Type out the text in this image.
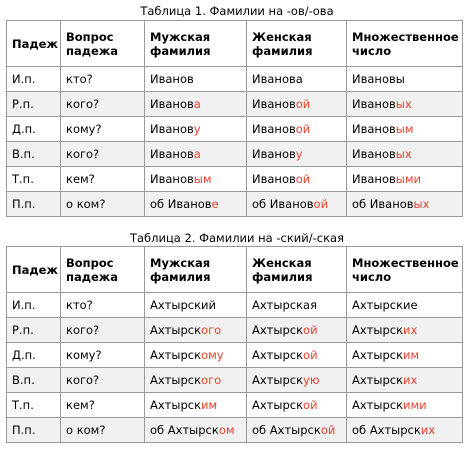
Таблица 1. Фамилии на -ов/-ова
Падеж	Вопрос падежа	Мужская фамилия	Женская фамилия	Множественное число
И.п.	кто?	Иванов	Иванова	Ивановы
Р.п.	кого?	Иванова	Ивановой	Ивановых
Д.п.	кому?	Иванову	Ивановой	Ивановым
В.п.	кого?	Иванова	Иванову	Ивановых
Т.п.	кем?	Ивановым	Ивановой	Ивановыми
П.п.	о ком?	об Иванове	об Ивановой	об Ивановых
Таблица 2. Фамилии на -ский/-ская
Падеж	Вопрос падежа	Мужская фамилия	Женская фамилия	Множественное число
И.п.	кто?	Ахтырский	Ахтырская	Ахтырские
Р.п.	кого?	Ахтырского	Ахтырской	Ахтырских
Д.п.	кому?	Ахтырскому	Ахтырской	Ахтырским
В.п.	кого?	Ахтырского	Ахтырскую	Ахтырских
Т.п.	кем?	Ахтырским	Ахтырской	Ахтырскими
П.п.	о ком?	об Ахтырском	об Ахтырской	об Ахтырских
